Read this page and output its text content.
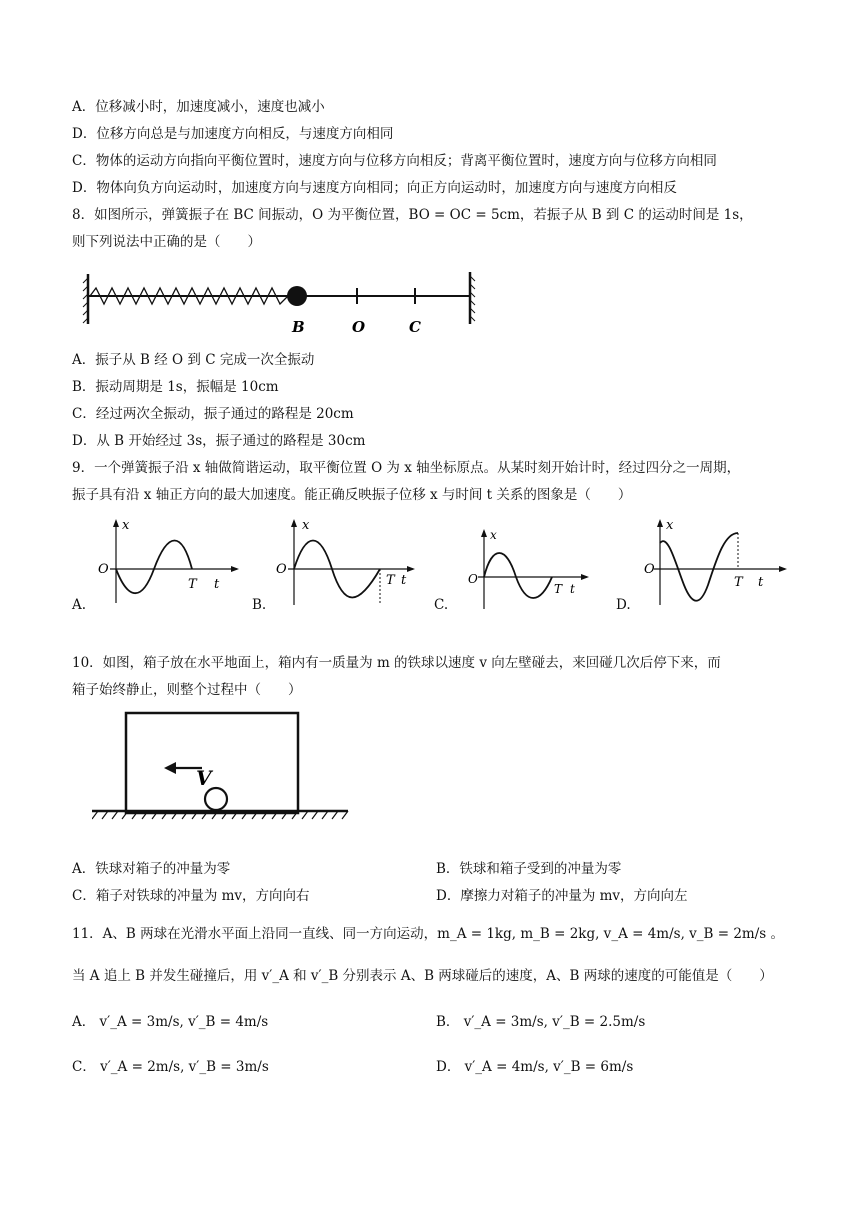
A．位移减小时，加速度减小，速度也减小
D．位移方向总是与加速度方向相反，与速度方向相同
C．物体的运动方向指向平衡位置时，速度方向与位移方向相反；背离平衡位置时，速度方向与位移方向相同
D．物体向负方向运动时，加速度方向与速度方向相同；向正方向运动时，加速度方向与速度方向相反
8．如图所示，弹簧振子在 BC 间振动，O 为平衡位置，BO = OC = 5cm，若振子从 B 到 C 的运动时间是 1s，
则下列说法中正确的是（　　）
B	O	C
A．振子从 B 经 O 到 C 完成一次全振动
B．振动周期是 1s，振幅是 10cm
C．经过两次全振动，振子通过的路程是 20cm
D．从 B 开始经过 3s，振子通过的路程是 30cm
9．一个弹簧振子沿 x 轴做简谐运动，取平衡位置 O 为 x 轴坐标原点。从某时刻开始计时，经过四分之一周期，
振子具有沿 x 轴正方向的最大加速度。能正确反映振子位移 x 与时间 t 关系的图象是（　　）
x
O
T t
A.
x
O
T t
B.
x
O
T t
C.
x
O
T t
D.
10．如图，箱子放在水平地面上，箱内有一质量为 m 的铁球以速度 v 向左壁碰去，来回碰几次后停下来，而
箱子始终静止，则整个过程中（　　）
V
A．铁球对箱子的冲量为零	B．铁球和箱子受到的冲量为零
C．箱子对铁球的冲量为 mv，方向向右	D．摩擦力对箱子的冲量为 mv，方向向左
11．A、B 两球在光滑水平面上沿同一直线、同一方向运动，m_A = 1kg, m_B = 2kg, v_A = 4m/s, v_B = 2m/s 。
当 A 追上 B 并发生碰撞后，用 v′_A 和 v′_B 分别表示 A、B 两球碰后的速度，A、B 两球的速度的可能值是（　　）
A． v′_A = 3m/s, v′_B = 4m/s	B． v′_A = 3m/s, v′_B = 2.5m/s
C． v′_A = 2m/s, v′_B = 3m/s	D． v′_A = 4m/s, v′_B = 6m/s
